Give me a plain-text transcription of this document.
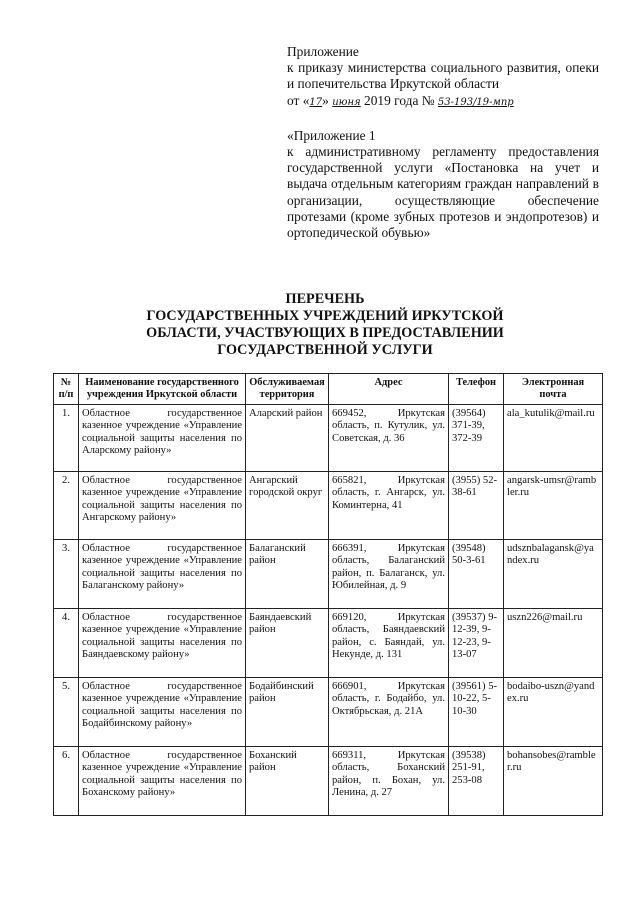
Приложение

к приказу министерства социального развития, опеки и попечительства Иркутской области

от «17» июня 2019 года № 53-193/19-мпр

«Приложение 1

к административному регламенту предоставления государственной услуги «Постановка на учет и выдача отдельным категориям граждан направлений в организации, осуществляющие обеспечение протезами (кроме зубных протезов и эндопротезов) и ортопедической обувью»

ПЕРЕЧЕНЬ
ГОСУДАРСТВЕННЫХ УЧРЕЖДЕНИЙ ИРКУТСКОЙ
ОБЛАСТИ, УЧАСТВУЮЩИХ В ПРЕДОСТАВЛЕНИИ
ГОСУДАРСТВЕННОЙ УСЛУГИ
№ п/п	Наименование государственного учреждения Иркутской области	Обслуживаемая территория	Адрес	Телефон	Электронная почта
1.	Областное государственное казенное учреждение «Управление социальной защиты населения по Аларскому району»	Аларский район	669452, Иркутская область, п. Кутулик, ул. Советская, д. 36	(39564) 371-39, 372-39	ala_kutulik@mail.ru
2.	Областное государственное казенное учреждение «Управление социальной защиты населения по Ангарскому району»	Ангарский городской округ	665821, Иркутская область, г. Ангарск, ул. Коминтерна, 41	(3955) 52-38-61	angarsk-umsr@rambler.ru
3.	Областное государственное казенное учреждение «Управление социальной защиты населения по Балаганскому району»	Балаганский район	666391, Иркутская область, Балаганский район, п. Балаганск, ул. Юбилейная, д. 9	(39548) 50-3-61	udsznbalagansk@yandex.ru
4.	Областное государственное казенное учреждение «Управление социальной защиты населения по Баяндаевскому району»	Баяндаевский район	669120, Иркутская область, Баяндаевский район, с. Баяндай, ул. Некунде, д. 131	(39537) 9-12-39, 9-12-23, 9-13-07	uszn226@mail.ru
5.	Областное государственное казенное учреждение «Управление социальной защиты населения по Бодайбинскому району»	Бодайбинский район	666901, Иркутская область, г. Бодайбо, ул. Октябрьская, д. 21А	(39561) 5-10-22, 5-10-30	bodaibo-uszn@yandex.ru
6.	Областное государственное казенное учреждение «Управление социальной защиты населения по Боханскому району»	Боханский район	669311, Иркутская область, Боханский район, п. Бохан, ул. Ленина, д. 27	(39538) 251-91, 253-08	bohansobes@rambler.ru
